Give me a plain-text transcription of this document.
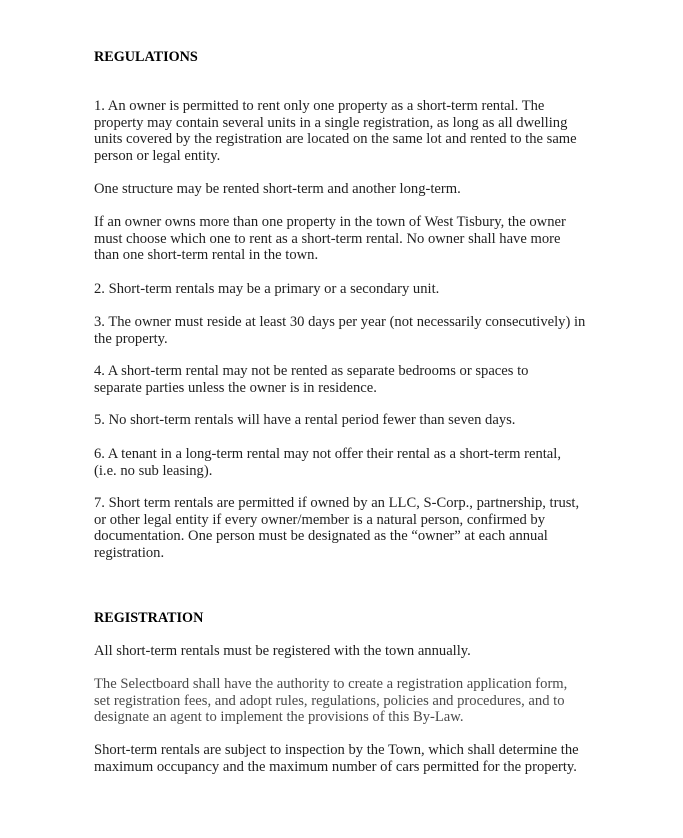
REGULATIONS
1. An owner is permitted to rent only one property as a short-term rental. The
property may contain several units in a single registration, as long as all dwelling
units covered by the registration are located on the same lot and rented to the same
person or legal entity.
One structure may be rented short-term and another long-term.
If an owner owns more than one property in the town of West Tisbury, the owner
must choose which one to rent as a short-term rental. No owner shall have more
than one short-term rental in the town.
2. Short-term rentals may be a primary or a secondary unit.
3. The owner must reside at least 30 days per year (not necessarily consecutively) in
the property.
4. A short-term rental may not be rented as separate bedrooms or spaces to
separate parties unless the owner is in residence.
5. No short-term rentals will have a rental period fewer than seven days.
6. A tenant in a long-term rental may not offer their rental as a short-term rental,
(i.e. no sub leasing).
7. Short term rentals are permitted if owned by an LLC, S-Corp., partnership, trust,
or other legal entity if every owner/member is a natural person, confirmed by
documentation. One person must be designated as the “owner” at each annual
registration.
REGISTRATION
All short-term rentals must be registered with the town annually.
The Selectboard shall have the authority to create a registration application form,
set registration fees, and adopt rules, regulations, policies and procedures, and to
designate an agent to implement the provisions of this By-Law.
Short-term rentals are subject to inspection by the Town, which shall determine the
maximum occupancy and the maximum number of cars permitted for the property.
